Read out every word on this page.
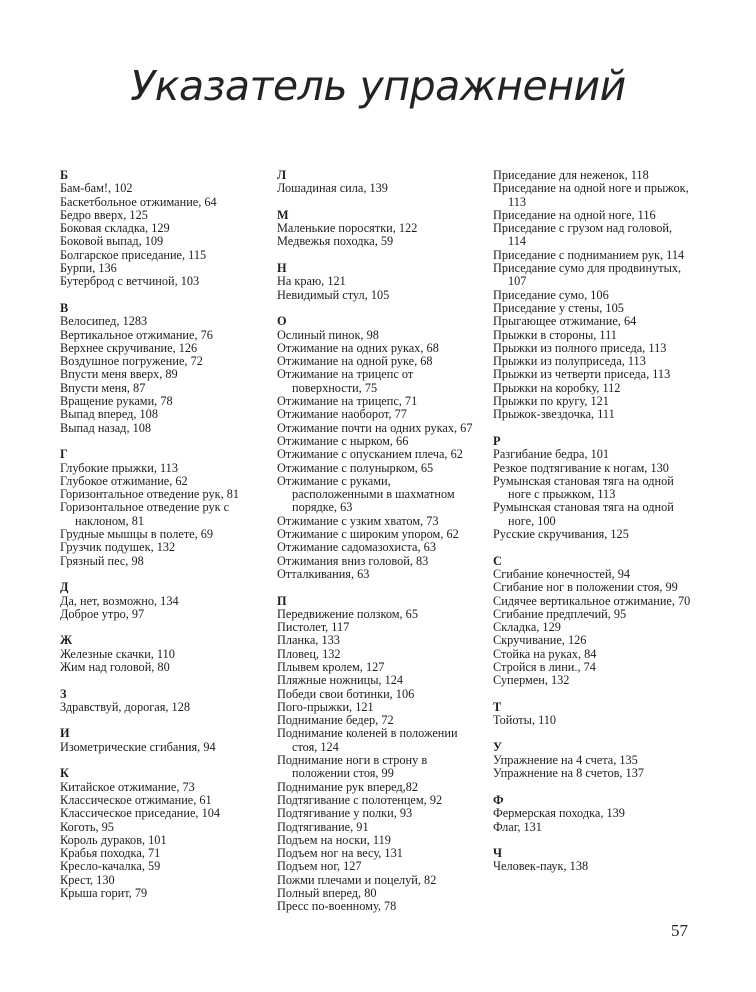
Указатель упражнений
Б
Бам-бам!, 102
Баскетбольное отжимание, 64
Бедро вверх, 125
Боковая складка, 129
Боковой выпад, 109
Болгарское приседание, 115
Бурпи, 136
Бутерброд с ветчиной, 103
В
Велосипед, 1283
Вертикальное отжимание, 76
Верхнее скручивание, 126
Воздушное погружение, 72
Впусти меня вверх, 89
Впусти меня, 87
Вращение руками, 78
Выпад вперед, 108
Выпад назад, 108
Г
Глубокие прыжки, 113
Глубокое отжимание, 62
Горизонтальное отведение рук, 81
Горизонтальное отведение рук с наклоном, 81
Грудные мышцы в полете, 69
Грузчик подушек, 132
Грязный пес, 98
Д
Да, нет, возможно, 134
Доброе утро, 97
Ж
Железные скачки, 110
Жим над головой, 80
З
Здравствуй, дорогая, 128
И
Изометрические сгибания, 94
К
Китайское отжимание, 73
Классическое отжимание, 61
Классическое приседание, 104
Коготь, 95
Король дураков, 101
Крабья походка, 71
Кресло-качалка, 59
Крест, 130
Крыша горит, 79
Л
Лошадиная сила, 139
М
Маленькие поросятки, 122
Медвежья походка, 59
Н
На краю, 121
Невидимый стул, 105
О
Ослиный пинок, 98
Отжимание на одних руках, 68
Отжимание на одной руке, 68
Отжимание на трицепс от поверхности, 75
Отжимание на трицепс, 71
Отжимание наоборот, 77
Отжимание почти на одних руках, 67
Отжимание с нырком, 66
Отжимание с опусканием плеча, 62
Отжимание с полунырком, 65
Отжимание с руками, расположенными в шахматном порядке, 63
Отжимание с узким хватом, 73
Отжимание с широким упором, 62
Отжимание садомазохиста, 63
Отжимания вниз головой, 83
Отталкивания, 63
П
Передвижение ползком, 65
Пистолет, 117
Планка, 133
Пловец, 132
Плывем кролем, 127
Пляжные ножницы, 124
Победи свои ботинки, 106
Пого-прыжки, 121
Поднимание бедер, 72
Поднимание коленей в положении стоя, 124
Поднимание ноги в строну в положении стоя, 99
Поднимание рук вперед,82
Подтягивание с полотенцем, 92
Подтягивание у полки, 93
Подтягивание, 91
Подъем на носки, 119
Подъем ног на весу, 131
Подъем ног, 127
Пожми плечами и поцелуй, 82
Полный вперед, 80
Пресс по-военному, 78
Приседание для неженок, 118
Приседание на одной ноге и прыжок, 113
Приседание на одной ноге, 116
Приседание с грузом над головой, 114
Приседание с подниманием рук, 114
Приседание сумо для продвинутых, 107
Приседание сумо, 106
Приседание у стены, 105
Прыгающее отжимание, 64
Прыжки в стороны, 111
Прыжки из полного приседа, 113
Прыжки из полуприседа, 113
Прыжки из четверти приседа, 113
Прыжки на коробку, 112
Прыжки по кругу, 121
Прыжок-звездочка, 111
Р
Разгибание бедра, 101
Резкое подтягивание к ногам, 130
Румынская становая тяга на одной ноге с прыжком, 113
Румынская становая тяга на одной ноге, 100
Русские скручивания, 125
С
Сгибание конечностей, 94
Сгибание ног в положении стоя, 99
Сидячее вертикальное отжимание, 70
Сгибание предплечий, 95
Складка, 129
Скручивание, 126
Стойка на руках, 84
Стройся в лини., 74
Супермен, 132
Т
Тойоты, 110
У
Упражнение на 4 счета, 135
Упражнение на 8 счетов, 137
Ф
Фермерская походка, 139
Флаг, 131
Ч
Человек-паук, 138
57
